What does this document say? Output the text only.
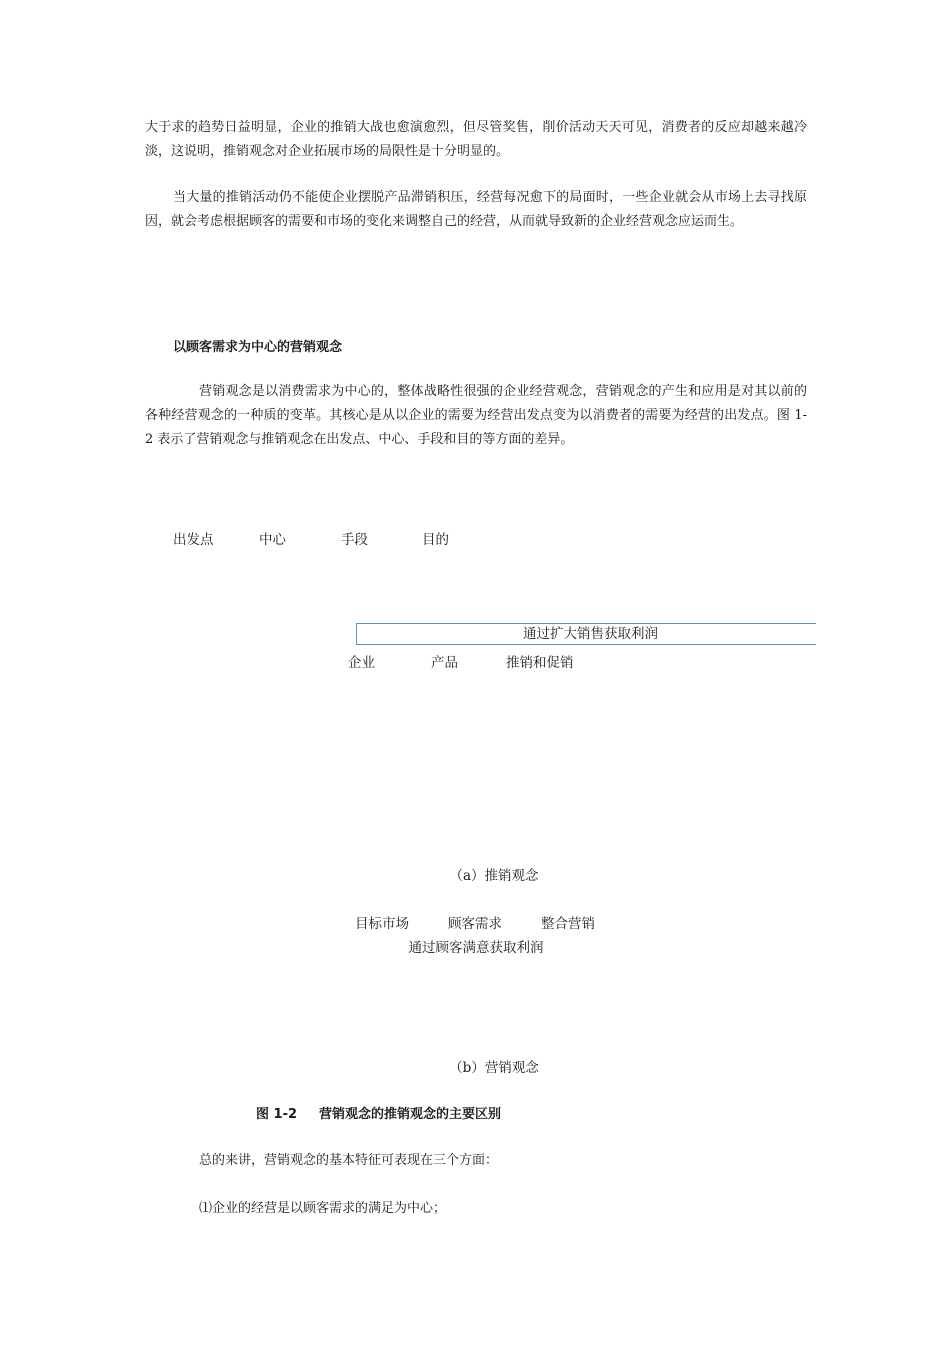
大于求的趋势日益明显，企业的推销大战也愈演愈烈，但尽管奖售，削价活动天天可见，消费者的反应却越来越冷淡，这说明，推销观念对企业拓展市场的局限性是十分明显的。

当大量的推销活动仍不能使企业摆脱产品滞销积压，经营每况愈下的局面时，一些企业就会从市场上去寻找原因，就会考虑根据顾客的需要和市场的变化来调整自己的经营，从而就导致新的企业经营观念应运而生。

以顾客需求为中心的营销观念

营销观念是以消费需求为中心的，整体战略性很强的企业经营观念，营销观念的产生和应用是对其以前的各种经营观念的一种质的变革。其核心是从以企业的需要为经营出发点变为以消费者的需要为经营的出发点。图 1-2 表示了营销观念与推销观念在出发点、中心、手段和目的等方面的差异。

出发点	中心	手段	目的
通过扩大销售获取利润
企业	产品	推销和促销
（a）推销观念
目标市场	顾客需求	整合营销
通过顾客满意获取利润
（b）营销观念
图 1-2 营销观念的推销观念的主要区别
总的来讲，营销观念的基本特征可表现在三个方面：
⑴企业的经营是以顾客需求的满足为中心；
